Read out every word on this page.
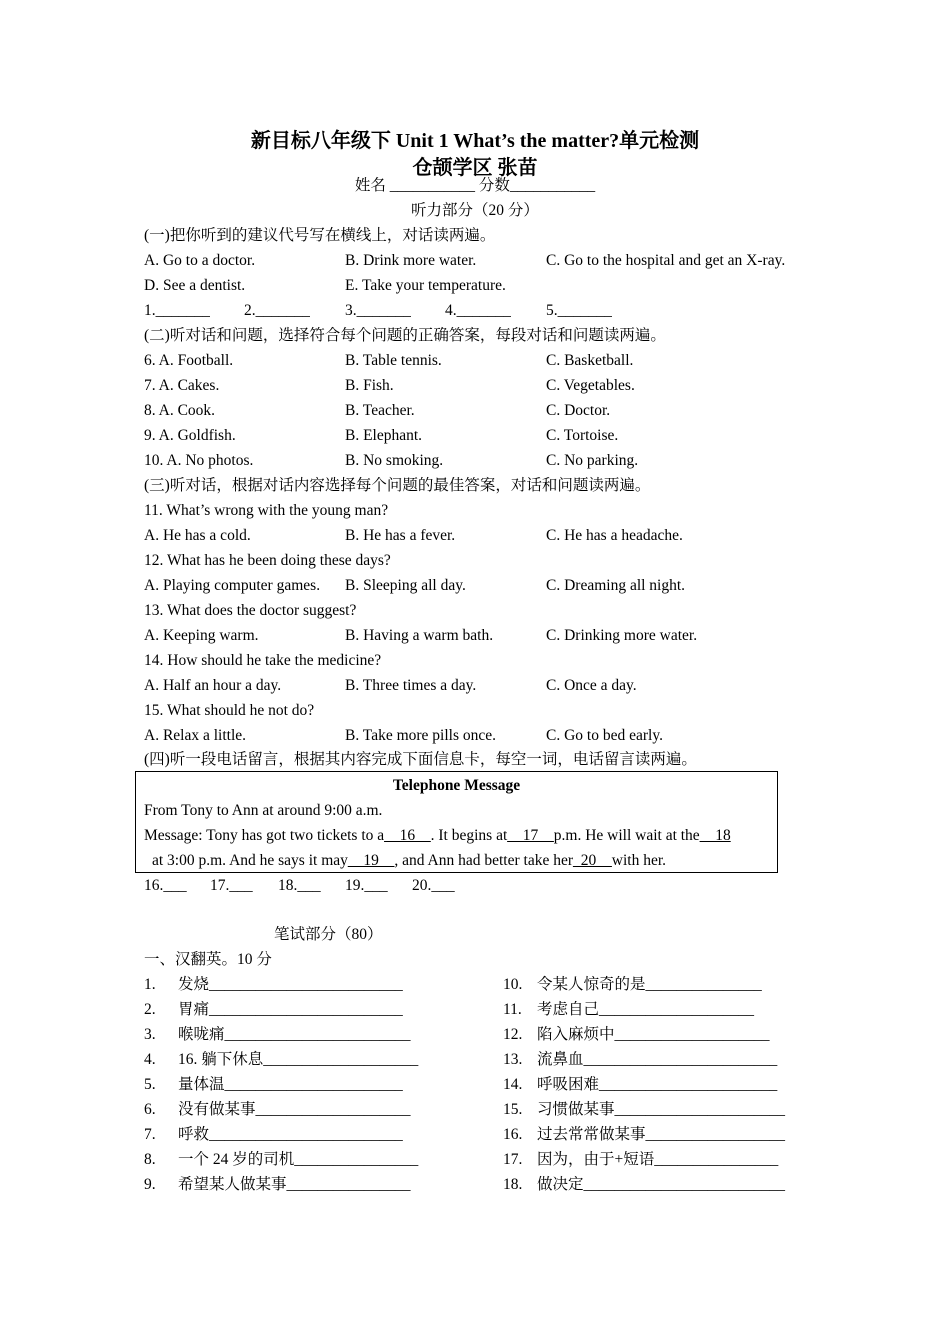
新目标八年级下 Unit 1 What’s the matter?单元检测
仓颉学区 张苗
姓名 ___________ 分数___________
听力部分（20 分）
(一)把你听到的建议代号写在横线上，对话读两遍。
A. Go to a doctor.	B. Drink more water.	C. Go to the hospital and get an X-ray.
D. See a dentist.	E. Take your temperature.
1._______ 2._______ 3._______ 4._______ 5._______
(二)听对话和问题，选择符合每个问题的正确答案，每段对话和问题读两遍。
6. A. Football.	B. Table tennis.	C. Basketball.
7. A. Cakes.	B. Fish.	C. Vegetables.
8. A. Cook.	B. Teacher.	C. Doctor.
9. A. Goldfish.	B. Elephant.	C. Tortoise.
10. A. No photos.	B. No smoking.	C. No parking.
(三)听对话，根据对话内容选择每个问题的最佳答案，对话和问题读两遍。
11. What’s wrong with the young man?
A. He has a cold.	B. He has a fever.	C. He has a headache.
12. What has he been doing these days?
A. Playing computer games. B. Sleeping all day.	C. Dreaming all night.
13. What does the doctor suggest?
A. Keeping warm.	B. Having a warm bath.	C. Drinking more water.
14. How should he take the medicine?
A. Half an hour a day.	B. Three times a day.	C. Once a day.
15. What should he not do?
A. Relax a little.	B. Take more pills once.	C. Go to bed early.
(四)听一段电话留言，根据其内容完成下面信息卡，每空一词，电话留言读两遍。
Telephone Message
From Tony to Ann at around 9:00 a.m.
Message: Tony has got two tickets to a__16__. It begins at__17__p.m. He will wait at the__18
at 3:00 p.m. And he says it may__19__, and Ann had better take her_20__with her.
16.___ 17.___ 18.___ 19.___ 20.___
笔试部分（80）
一、汉翻英。10 分
1. 发烧_________________________	10. 令某人惊奇的是_______________
2. 胃痛_________________________	11. 考虑自己____________________
3. 喉咙痛________________________	12. 陷入麻烦中____________________
4. 16. 躺下休息____________________	13. 流鼻血_________________________
5. 量体温_______________________	14. 呼吸困难_______________________
6. 没有做某事____________________	15. 习惯做某事______________________
7. 呼救_________________________	16. 过去常常做某事__________________
8. 一个 24 岁的司机________________	17. 因为，由于+短语________________
9. 希望某人做某事________________	18. 做决定__________________________
